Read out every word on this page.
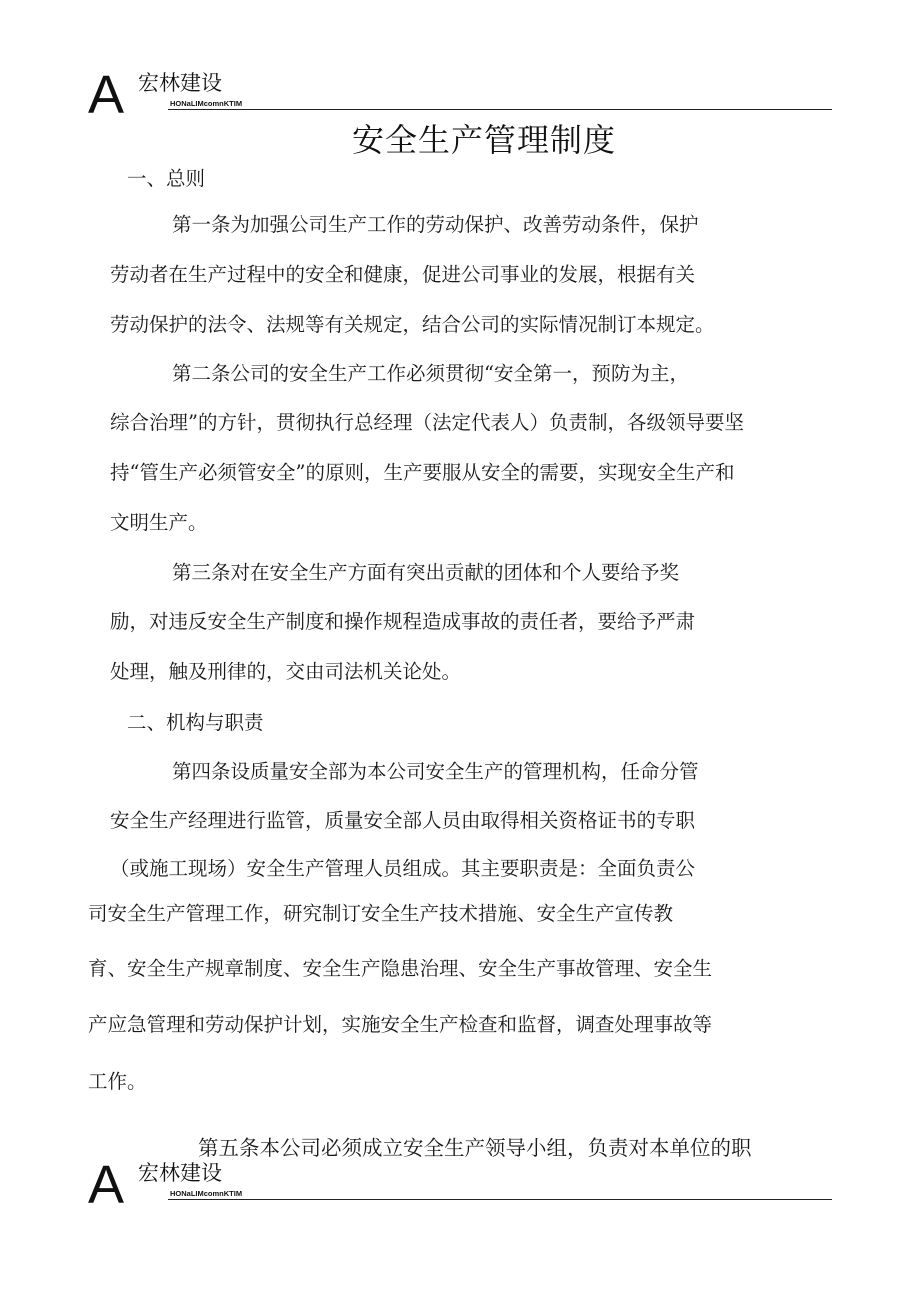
A 宏林建设
HONaLIMcomnKTIM
安全生产管理制度
一、总则
第一条为加强公司生产工作的劳动保护、改善劳动条件，保护
劳动者在生产过程中的安全和健康，促进公司事业的发展，根据有关
劳动保护的法令、法规等有关规定，结合公司的实际情况制订本规定。
第二条公司的安全生产工作必须贯彻“安全第一，预防为主，
综合治理”的方针，贯彻执行总经理（法定代表人）负责制，各级领导要坚
持“管生产必须管安全”的原则，生产要服从安全的需要，实现安全生产和
文明生产。
第三条对在安全生产方面有突出贡献的团体和个人要给予奖
励，对违反安全生产制度和操作规程造成事故的责任者，要给予严肃
处理，触及刑律的，交由司法机关论处。
二、机构与职责
第四条设质量安全部为本公司安全生产的管理机构，任命分管
安全生产经理进行监管，质量安全部人员由取得相关资格证书的专职
（或施工现场）安全生产管理人员组成。其主要职责是：全面负责公
司安全生产管理工作，研究制订安全生产技术措施、安全生产宣传教
育、安全生产规章制度、安全生产隐患治理、安全生产事故管理、安全生
产应急管理和劳动保护计划，实施安全生产检查和监督，调查处理事故等
工作。
第五条本公司必须成立安全生产领导小组，负责对本单位的职
A 宏林建设
HONaLIMcomnKTIM
